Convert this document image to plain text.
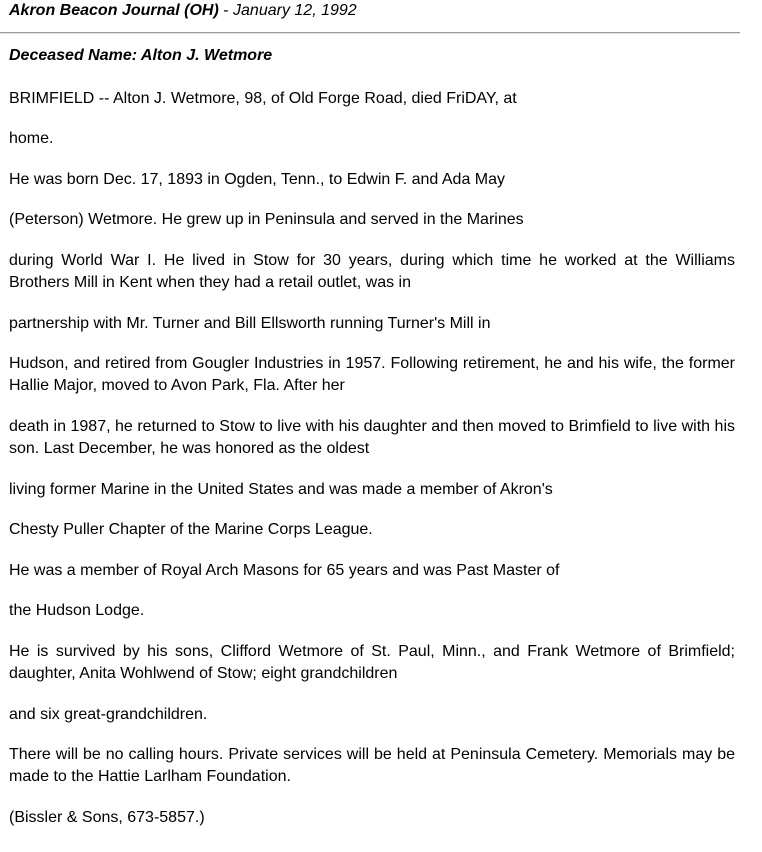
Akron Beacon Journal (OH) - January 12, 1992
Deceased Name: Alton J. Wetmore

BRIMFIELD -- Alton J. Wetmore, 98, of Old Forge Road, died FriDAY, at

home.

He was born Dec. 17, 1893 in Ogden, Tenn., to Edwin F. and Ada May

(Peterson) Wetmore. He grew up in Peninsula and served in the Marines

during World War I. He lived in Stow for 30 years, during which time he worked at the Williams Brothers Mill in Kent when they had a retail outlet, was in

partnership with Mr. Turner and Bill Ellsworth running Turner's Mill in

Hudson, and retired from Gougler Industries in 1957. Following retirement, he and his wife, the former Hallie Major, moved to Avon Park, Fla. After her

death in 1987, he returned to Stow to live with his daughter and then moved to Brimfield to live with his son. Last December, he was honored as the oldest

living former Marine in the United States and was made a member of Akron's

Chesty Puller Chapter of the Marine Corps League.

He was a member of Royal Arch Masons for 65 years and was Past Master of

the Hudson Lodge.

He is survived by his sons, Clifford Wetmore of St. Paul, Minn., and Frank Wetmore of Brimfield; daughter, Anita Wohlwend of Stow; eight grandchildren

and six great-grandchildren.

There will be no calling hours. Private services will be held at Peninsula Cemetery. Memorials may be made to the Hattie Larlham Foundation.

(Bissler & Sons, 673-5857.)
